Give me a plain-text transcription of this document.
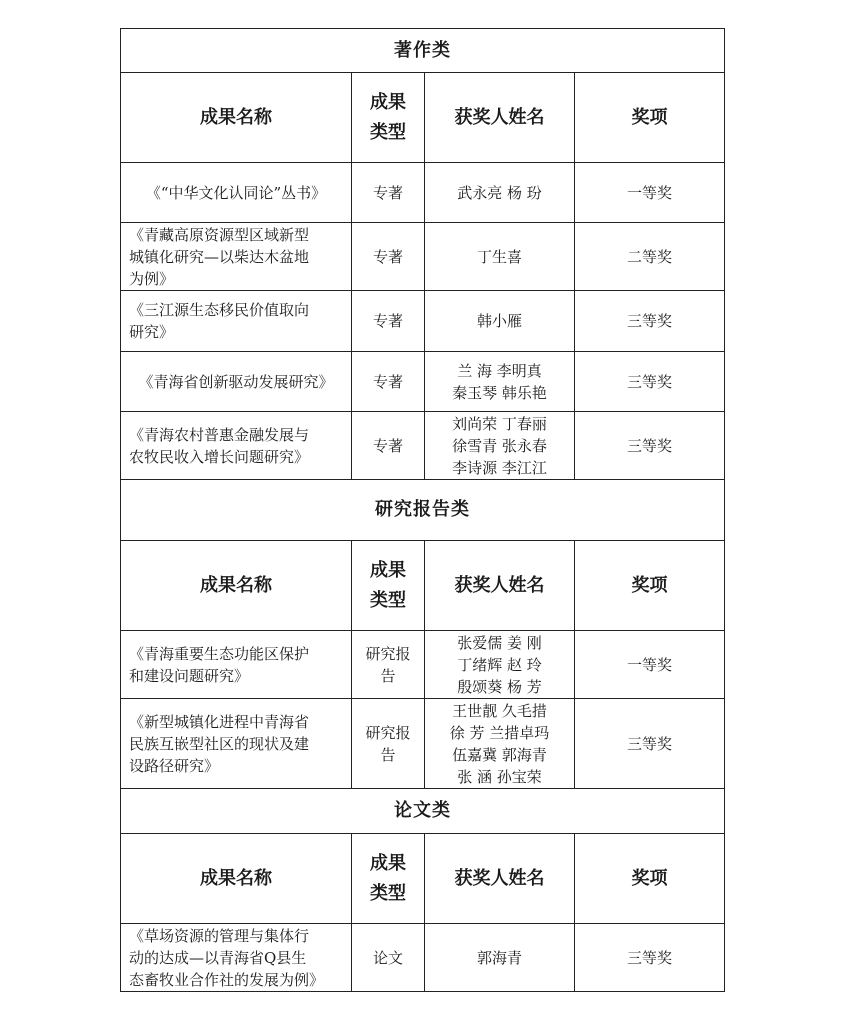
著作类			

成果名称	成果
类型	获奖人姓名	奖项

《“中华文化认同论”丛书》	专著	武永亮 杨 玢	一等奖

《青藏高原资源型区域新型
城镇化研究—以柴达木盆地
为例》	专著	丁生喜	二等奖

《三江源生态移民价值取向
研究》	专著	韩小雁	三等奖

《青海省创新驱动发展研究》	专著	兰 海 李明真
秦玉琴 韩乐艳	三等奖

《青海农村普惠金融发展与
农牧民收入增长问题研究》	专著	刘尚荣 丁春丽
徐雪青 张永春
李诗源 李江江	三等奖

研究报告类			

成果名称	成果
类型	获奖人姓名	奖项

《青海重要生态功能区保护
和建设问题研究》	研究报
告	张爱儒 姜 刚
丁绪辉 赵 玲
殷颂葵 杨 芳	一等奖

《新型城镇化进程中青海省
民族互嵌型社区的现状及建
设路径研究》	研究报
告	王世靓 久毛措
徐 芳 兰措卓玛
伍嘉冀 郭海青
张 涵 孙宝荣	三等奖

论文类			

成果名称	成果
类型	获奖人姓名	奖项

《草场资源的管理与集体行
动的达成—以青海省Q县生
态畜牧业合作社的发展为例》	论文	郭海青	三等奖
